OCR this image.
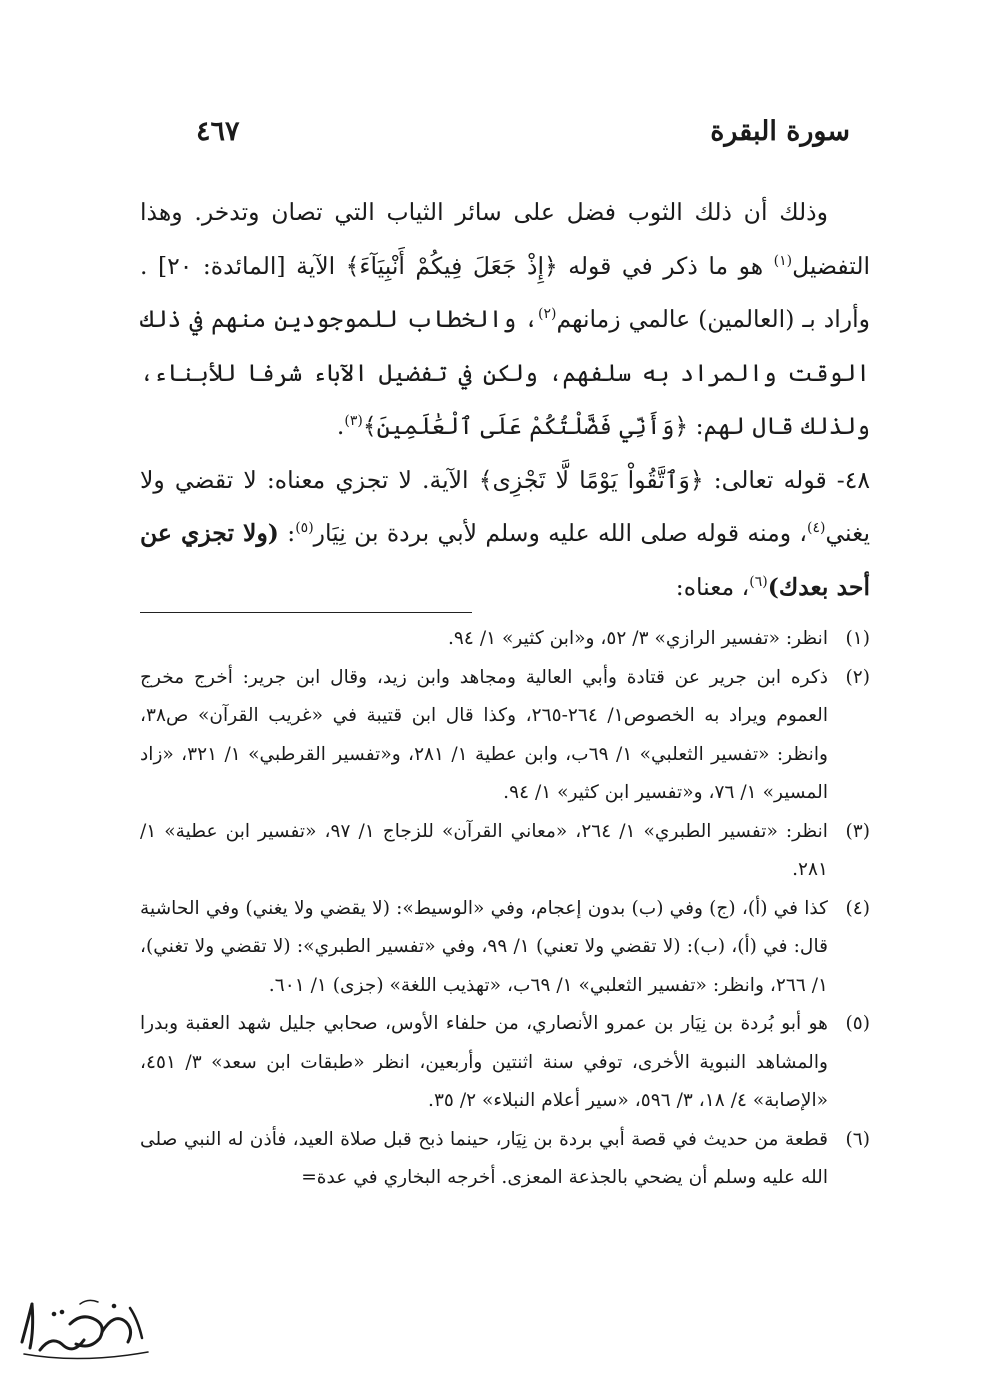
سورة البقرة
٤٦٧

وذلك أن ذلك الثوب فضل على سائر الثياب التي تصان وتدخر. وهذا التفضيل$^{(١)}$ هو ما ذكر في قوله ﴿إِذْ جَعَلَ فِيكُمْ أَنْبِيَآءَ﴾ الآية [المائدة: ٢٠] . وأراد بـ (العالمين) عالمي زمانهم$^{(٢)}$، والخطاب للموجودين منهم في ذلك الوقت والمراد به سلفهم، ولكن في تفضيل الآباء شرفا للأبناء، ولذلك قال لهم: ﴿وَأَنِّي فَضَّلْتُكُمْ عَلَى ٱلْعَٰلَمِينَ﴾$^{(٣)}$.

٤٨- قوله تعالى: ﴿وَٱتَّقُواْ يَوْمًا لَّا تَجْزِى﴾ الآية. لا تجزي معناه: لا تقضي ولا يغني$^{(٤)}$، ومنه قوله صلى الله عليه وسلم لأبي بردة بن نِيَار$^{(٥)}$: (ولا تجزي عن أحد بعدك)$^{(٦)}$، معناه:

(١)
انظر: «تفسير الرازي» ٣/ ٥٢، و«ابن كثير» ١/ ٩٤.
(٢)
ذكره ابن جرير عن قتادة وأبي العالية ومجاهد وابن زيد، وقال ابن جرير: أخرج مخرج العموم ويراد به الخصوص١/ ٢٦٤-٢٦٥، وكذا قال ابن قتيبة في «غريب القرآن» ص٣٨، وانظر: «تفسير الثعلبي» ١/ ٦٩ب، وابن عطية ١/ ٢٨١، و«تفسير القرطبي» ١/ ٣٢١، «زاد المسير» ١/ ٧٦، و«تفسير ابن كثير» ١/ ٩٤.
(٣)
انظر: «تفسير الطبري» ١/ ٢٦٤، «معاني القرآن» للزجاج ١/ ٩٧، «تفسير ابن عطية» ١/ ٢٨١.
(٤)
كذا في (أ)، (ج) وفي (ب) بدون إعجام، وفي «الوسيط»: (لا يقضي ولا يغني) وفي الحاشية قال: في (أ)، (ب): (لا تقضي ولا تعني) ١/ ٩٩، وفي «تفسير الطبري»: (لا تقضي ولا تغني)، ١/ ٢٦٦، وانظر: «تفسير الثعلبي» ١/ ٦٩ب، «تهذيب اللغة» (جزى) ١/ ٦٠١.
(٥)
هو أبو بُردة بن نِيَار بن عمرو الأنصاري، من حلفاء الأوس، صحابي جليل شهد العقبة وبدرا والمشاهد النبوية الأخرى، توفي سنة اثنتين وأربعين، انظر «طبقات ابن سعد» ٣/ ٤٥١، «الإصابة» ٤/ ١٨، ٣/ ٥٩٦، «سير أعلام النبلاء» ٢/ ٣٥.
(٦)
قطعة من حديث في قصة أبي بردة بن نِيَار، حينما ذبح قبل صلاة العيد، فأذن له النبي صلى الله عليه وسلم أن يضحي بالجذعة المعزى. أخرجه البخاري في عدة=
